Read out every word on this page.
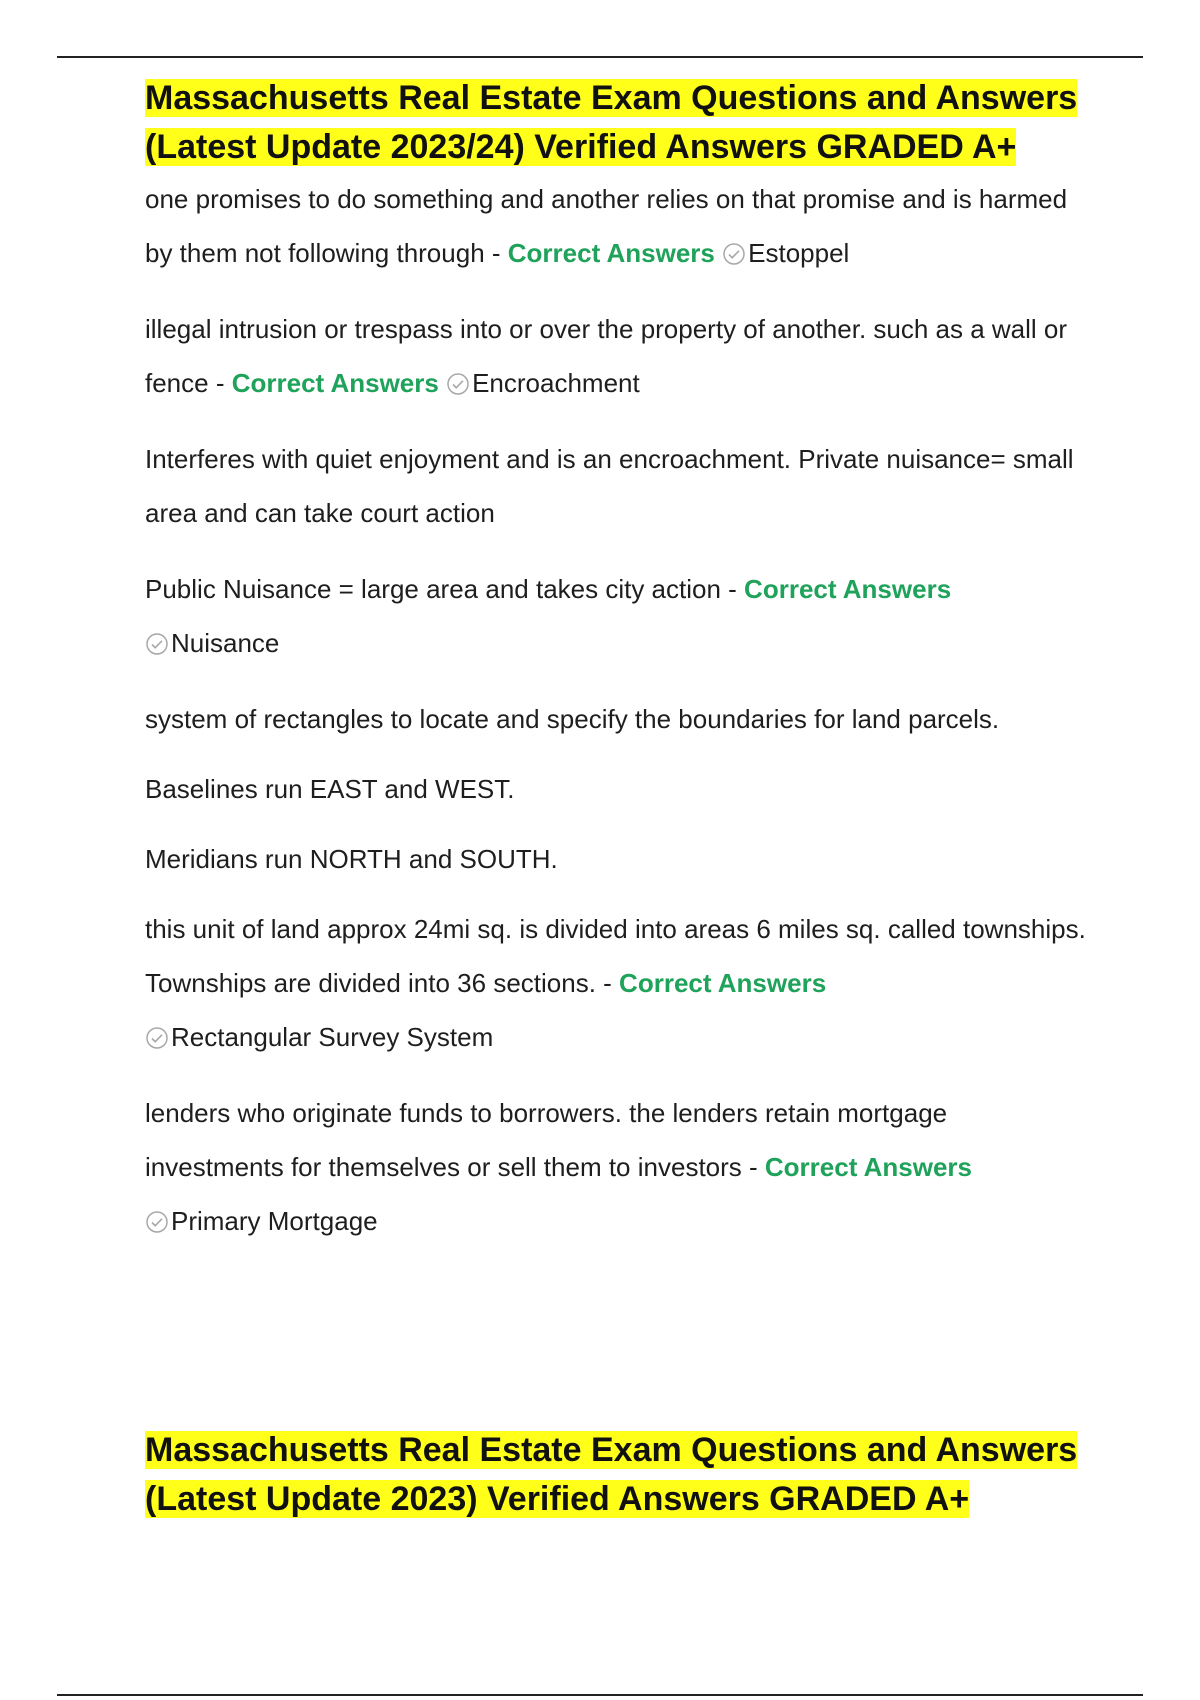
Massachusetts Real Estate Exam Questions and Answers (Latest Update 2023/24) Verified Answers GRADED A+

one promises to do something and another relies on that promise and is harmed by them not following through - Correct Answers Estoppel

illegal intrusion or trespass into or over the property of another. such as a wall or fence - Correct Answers Encroachment

Interferes with quiet enjoyment and is an encroachment. Private nuisance= small area and can take court action

Public Nuisance = large area and takes city action - Correct Answers
Nuisance

system of rectangles to locate and specify the boundaries for land parcels.

Baselines run EAST and WEST.

Meridians run NORTH and SOUTH.

this unit of land approx 24mi sq. is divided into areas 6 miles sq. called townships. Townships are divided into 36 sections. - Correct Answers
Rectangular Survey System

lenders who originate funds to borrowers. the lenders retain mortgage investments for themselves or sell them to investors - Correct Answers
Primary Mortgage

Massachusetts Real Estate Exam Questions and Answers (Latest Update 2023) Verified Answers GRADED A+
